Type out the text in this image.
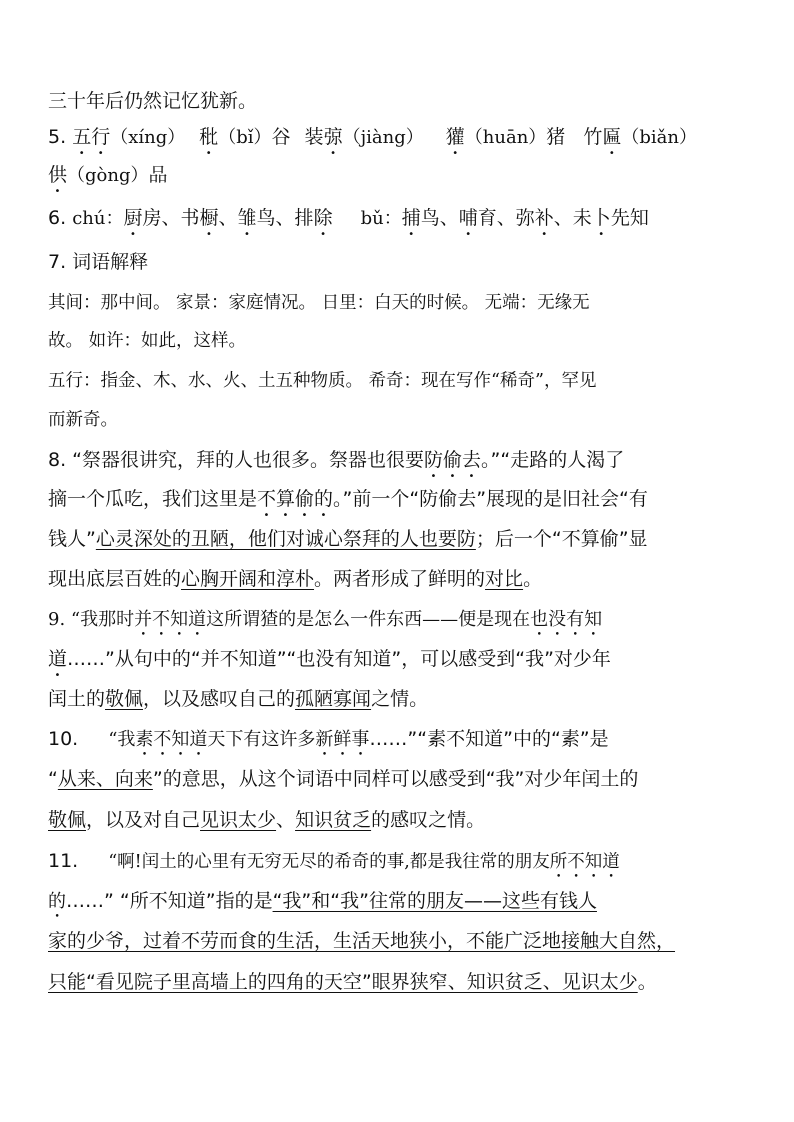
三十年后仍然记忆犹新。
5. 五行（xíng） 秕（bǐ）谷 装弶（jiàng） 獾（huān）猪 竹匾（biǎn）
供（gòng）品
6. chú：厨房、书橱、雏鸟、排除 bǔ：捕鸟、哺育、弥补、未卜先知
7. 词语解释
其间：那中间。 家景：家庭情况。 日里：白天的时候。 无端：无缘无
故。 如许：如此，这样。
五行：指金、木、水、火、土五种物质。 希奇：现在写作“稀奇”，罕见
而新奇。
8. “祭器很讲究，拜的人也很多。祭器也很要防偷去。”“走路的人渴了
摘一个瓜吃，我们这里是不算偷的。”前一个“防偷去”展现的是旧社会“有
钱人”心灵深处的丑陋，他们对诚心祭拜的人也要防；后一个“不算偷”显
现出底层百姓的心胸开阔和淳朴。两者形成了鲜明的对比。
9. “我那时并不知道这所谓猹的是怎么一件东西——便是现在也没有知
道……”从句中的“并不知道”“也没有知道”，可以感受到“我”对少年
闰土的敬佩，以及感叹自己的孤陋寡闻之情。
10. “我素不知道天下有这许多新鲜事……”“素不知道”中的“素”是
“从来、向来”的意思，从这个词语中同样可以感受到“我”对少年闰土的
敬佩，以及对自己见识太少、知识贫乏的感叹之情。
11. “啊!闰土的心里有无穷无尽的希奇的事,都是我往常的朋友所不知道
的……” “所不知道”指的是“我”和“我”往常的朋友——这些有钱人
家的少爷，过着不劳而食的生活，生活天地狭小，不能广泛地接触大自然，
只能“看见院子里高墙上的四角的天空”眼界狭窄、知识贫乏、见识太少。
